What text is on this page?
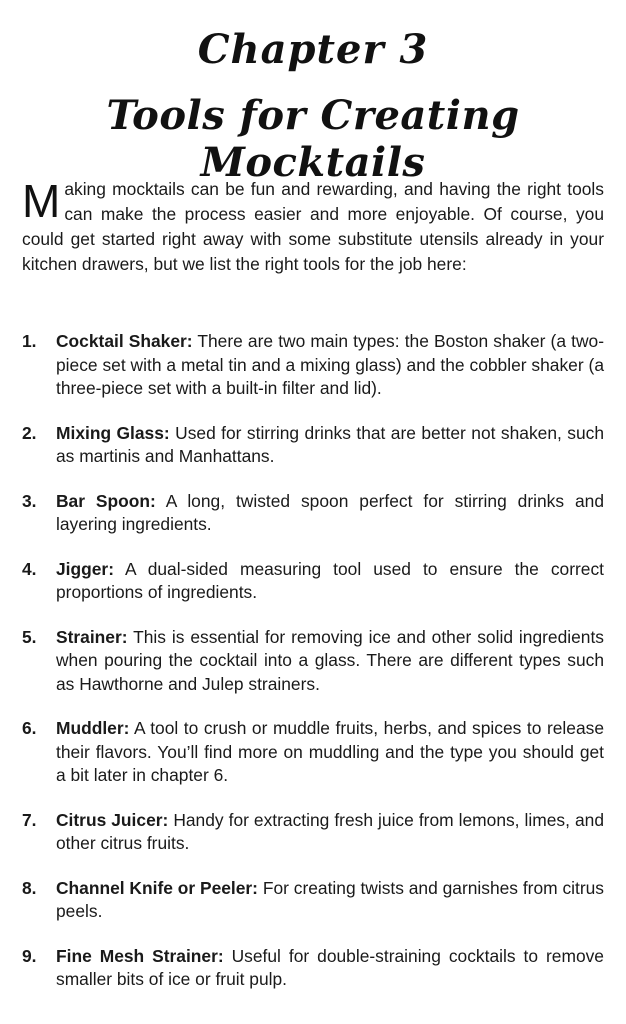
Chapter 3
Tools for Creating Mocktails

Making mocktails can be fun and rewarding, and having the right tools can make the process easier and more enjoyable. Of course, you could get started right away with some substitute utensils already in your kitchen drawers, but we list the right tools for the job here:

1. Cocktail Shaker: There are two main types: the Boston shaker (a two-piece set with a metal tin and a mixing glass) and the cobbler shaker (a three-piece set with a built-in filter and lid).
2. Mixing Glass: Used for stirring drinks that are better not shaken, such as martinis and Manhattans.
3. Bar Spoon: A long, twisted spoon perfect for stirring drinks and layering ingredients.
4. Jigger: A dual-sided measuring tool used to ensure the correct proportions of ingredients.
5. Strainer: This is essential for removing ice and other solid ingredients when pouring the cocktail into a glass. There are different types such as Hawthorne and Julep strainers.
6. Muddler: A tool to crush or muddle fruits, herbs, and spices to release their flavors. You’ll find more on muddling and the type you should get a bit later in chapter 6.
7. Citrus Juicer: Handy for extracting fresh juice from lemons, limes, and other citrus fruits.
8. Channel Knife or Peeler: For creating twists and garnishes from citrus peels.
9. Fine Mesh Strainer: Useful for double-straining cocktails to remove smaller bits of ice or fruit pulp.
